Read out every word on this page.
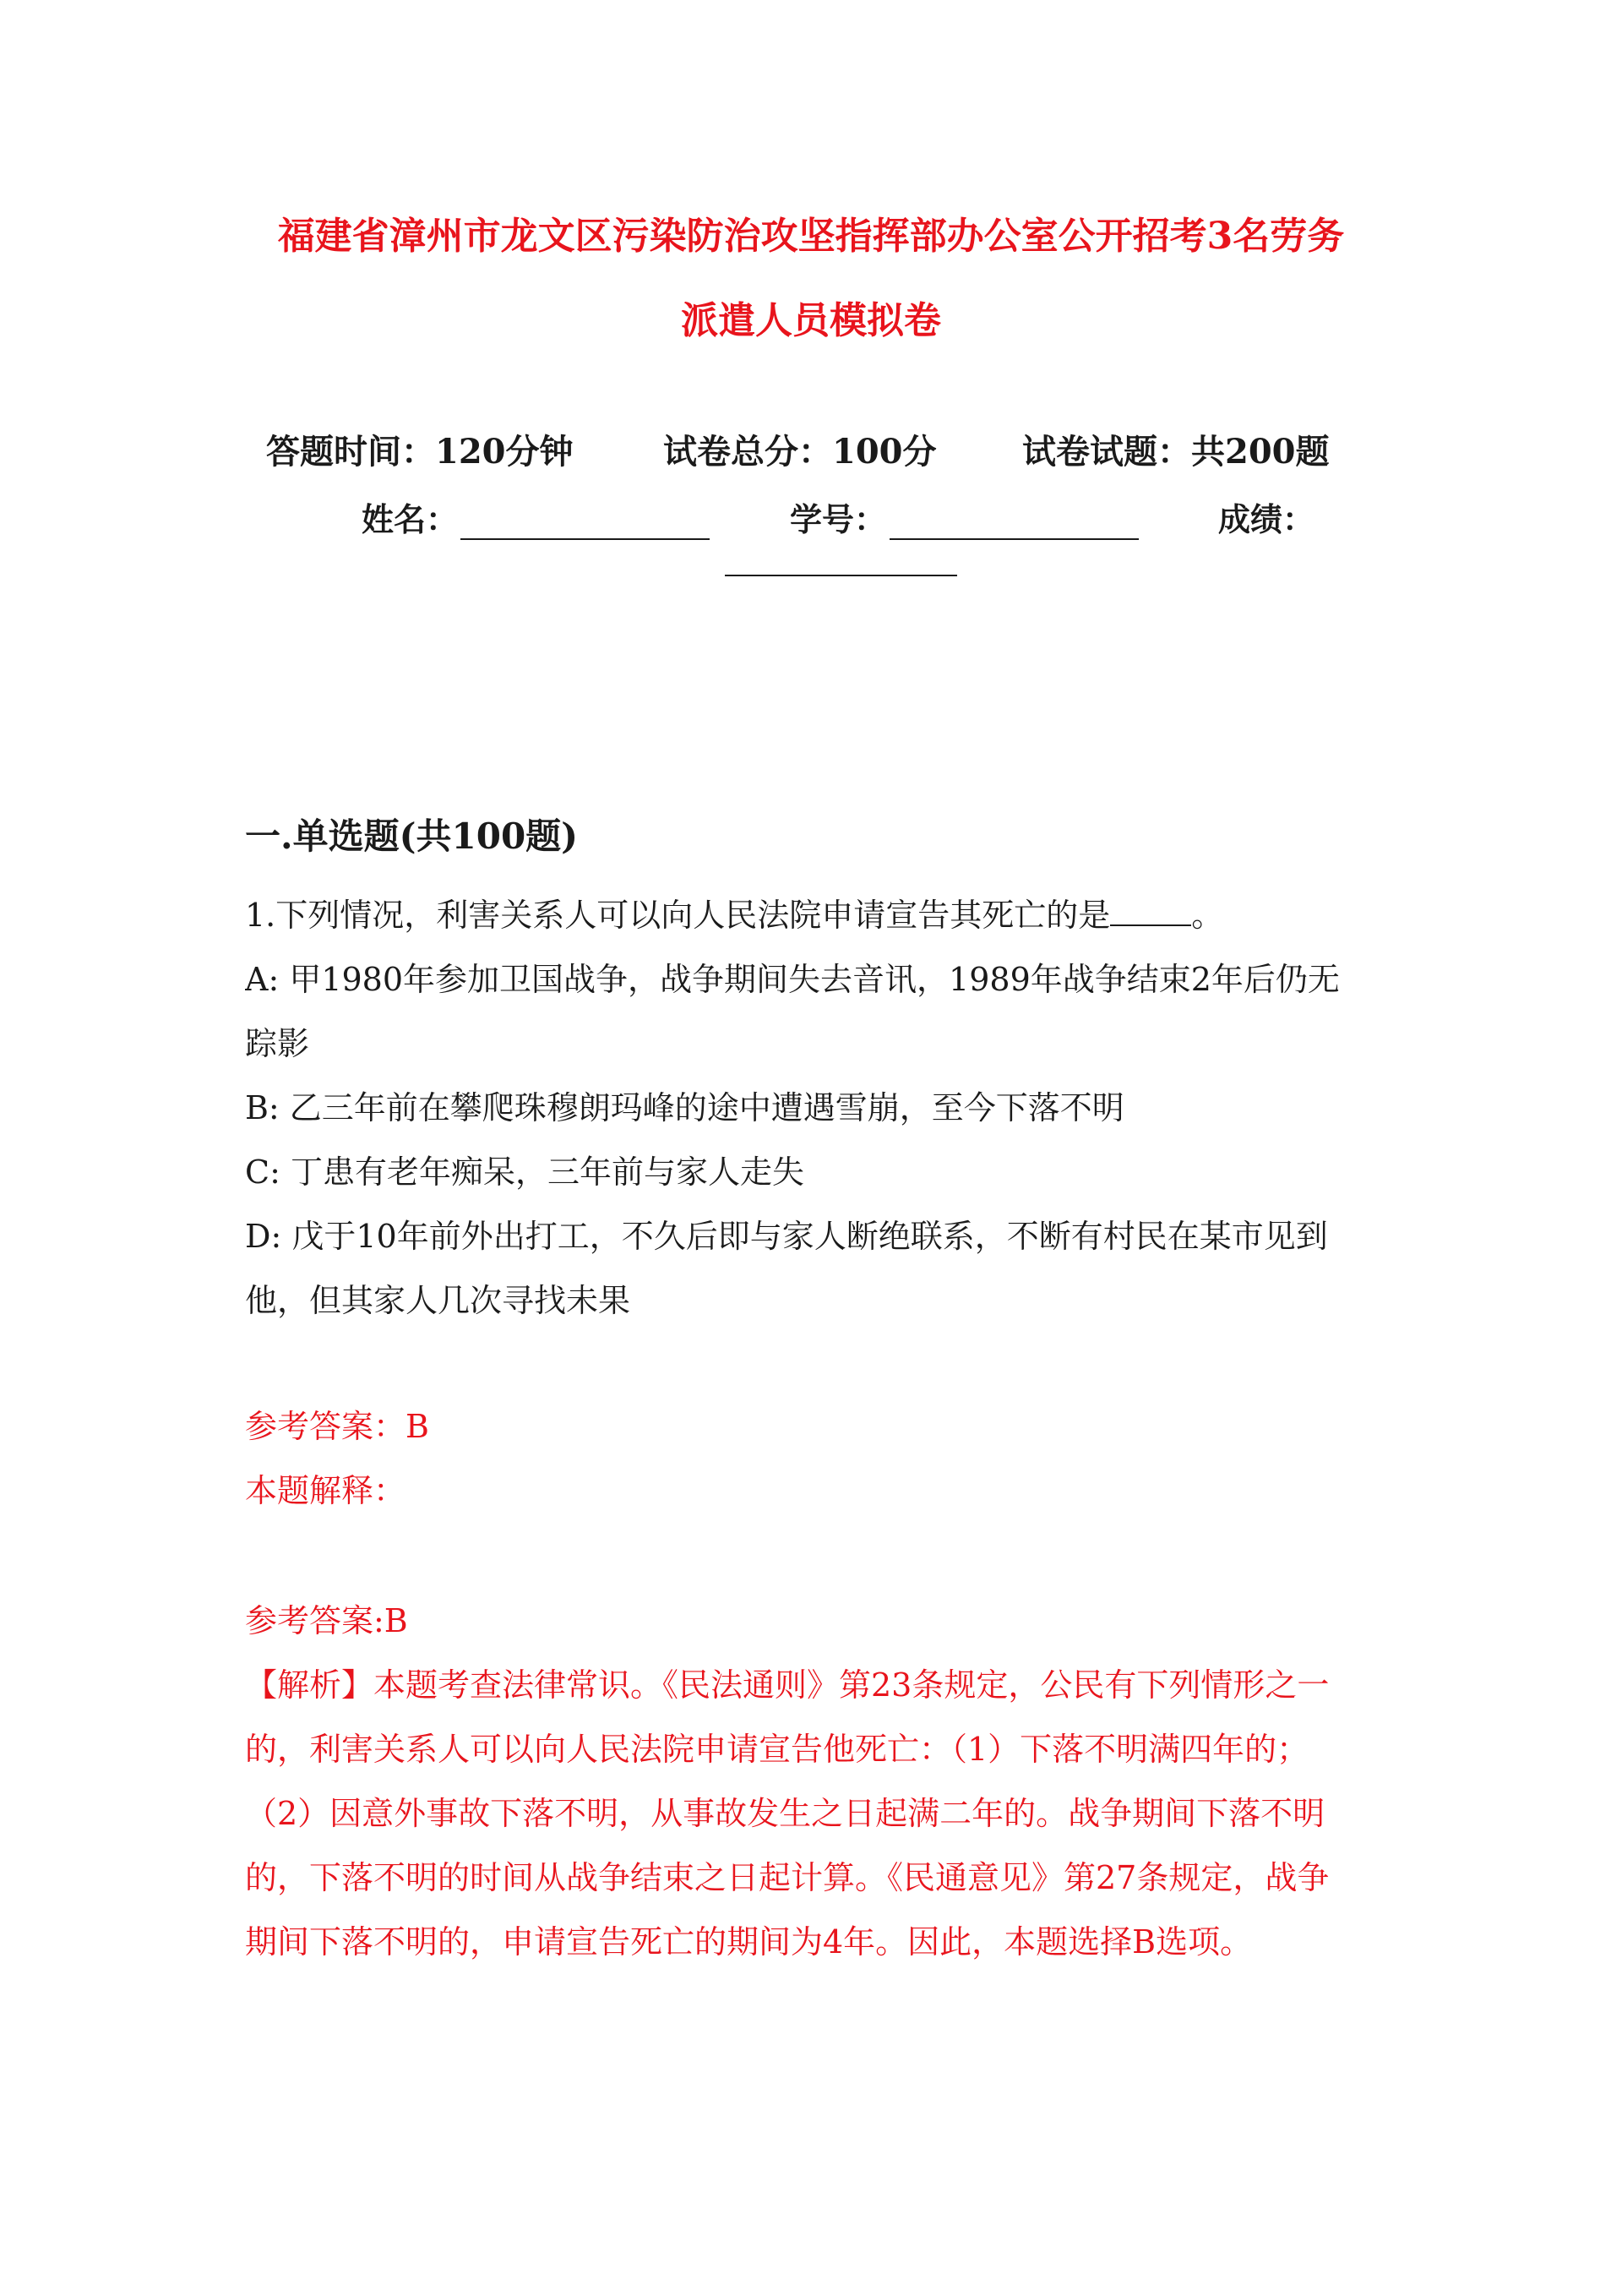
福建省漳州市龙文区污染防治攻坚指挥部办公室公开招考3名劳务
派遣人员模拟卷
答题时间：120分钟	试卷总分：100分	试卷试题：共200题
姓名：	学号：	成绩：
一.单选题(共100题)
1.下列情况，利害关系人可以向人民法院申请宣告其死亡的是	。
A: 甲1980年参加卫国战争，战争期间失去音讯，1989年战争结束2年后仍无
踪影
B: 乙三年前在攀爬珠穆朗玛峰的途中遭遇雪崩，至今下落不明
C: 丁患有老年痴呆，三年前与家人走失
D: 戊于10年前外出打工，不久后即与家人断绝联系，不断有村民在某市见到
他，但其家人几次寻找未果
参考答案：B
本题解释：
参考答案:B
【解析】本题考查法律常识。《民法通则》第23条规定，公民有下列情形之一
的，利害关系人可以向人民法院申请宣告他死亡：（1）下落不明满四年的；
（2）因意外事故下落不明，从事故发生之日起满二年的。战争期间下落不明
的，下落不明的时间从战争结束之日起计算。《民通意见》第27条规定，战争
期间下落不明的，申请宣告死亡的期间为4年。因此，本题选择B选项。
